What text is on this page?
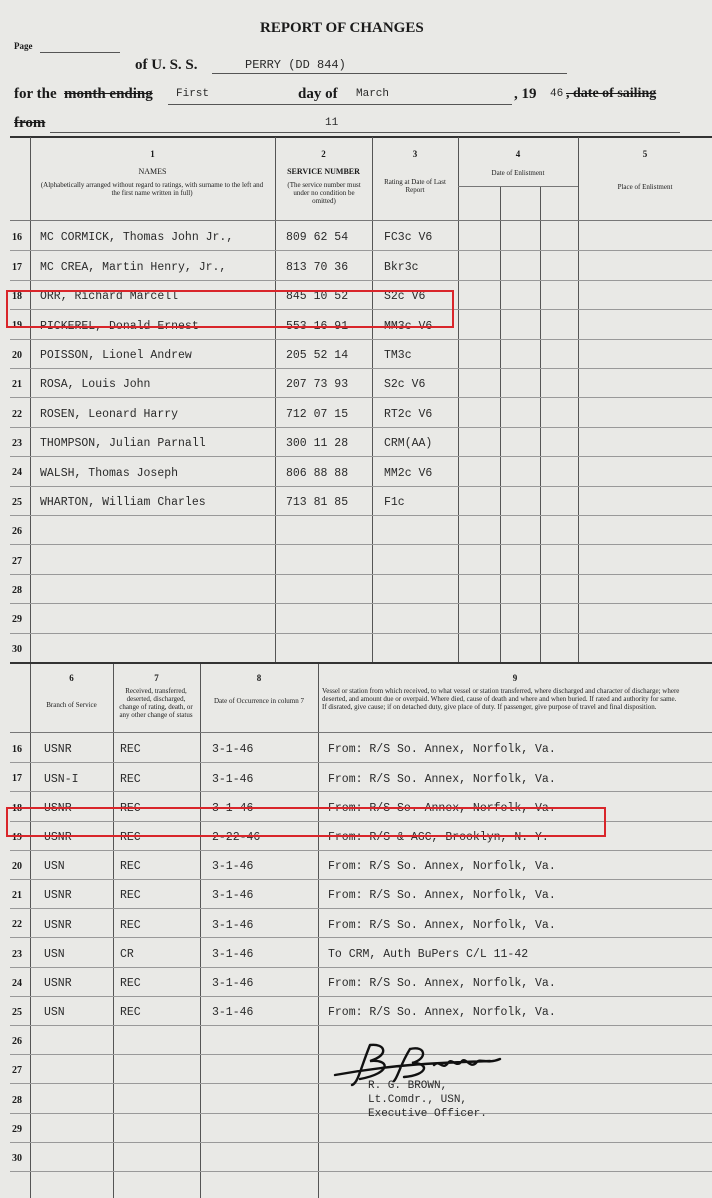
REPORT OF CHANGES
Page
of U. S. S.	PERRY (DD 844)
for the month ending First	day of March	, 19 46 , date of sailing
from	11
1	2	3	4	5
NAMES
(Alphabetically arranged without regard to ratings, with surname to the left and the first name written in full)
SERVICE NUMBER
(The service number must under no condition be omitted)
Rating at Date of Last Report
Date of Enlistment
Place of Enlistment
16	MC CORMICK, Thomas John Jr.,	809 62 54	FC3c V6
17	MC CREA, Martin Henry, Jr.,	813 70 36	Bkr3c
18	ORR, Richard Marcell	845 10 52	S2c V6
19	PICKEREL, Donald Ernest	553 16 91	MM3c V6
20	POISSON, Lionel Andrew	205 52 14	TM3c
21	ROSA, Louis John	207 73 93	S2c V6
22	ROSEN, Leonard Harry	712 07 15	RT2c V6
23	THOMPSON, Julian Parnall	300 11 28	CRM(AA)
24	WALSH, Thomas Joseph	806 88 88	MM2c V6
25	WHARTON, William Charles	713 81 85	F1c
26
27
28
29
30
6	7	8	9
Branch of Service
Received, transferred, deserted, discharged, change of rating, death, or any other change of status
Date of Occurrence in column 7
Vessel or station from which received, to what vessel or station transferred, where discharged and character of discharge; where deserted, and amount due or overpaid. Where died, cause of death and where and when buried. If rated and authority for same. If disrated, give cause; if on detached duty, give place of duty. If passenger, give purpose of travel and final disposition.
16	USNR	REC	3-1-46	From: R/S So. Annex, Norfolk, Va.
17	USN-I	REC	3-1-46	From: R/S So. Annex, Norfolk, Va.
18	USNR	REC	3-1-46	From: R/S So. Annex, Norfolk, Va.
19	USNR	REC	2-22-46	From: R/S & AGC, Brooklyn, N. Y.
20	USN	REC	3-1-46	From: R/S So. Annex, Norfolk, Va.
21	USNR	REC	3-1-46	From: R/S So. Annex, Norfolk, Va.
22	USNR	REC	3-1-46	From: R/S So. Annex, Norfolk, Va.
23	USN	CR	3-1-46	To CRM, Auth BuPers C/L 11-42
24	USNR	REC	3-1-46	From: R/S So. Annex, Norfolk, Va.
25	USN	REC	3-1-46	From: R/S So. Annex, Norfolk, Va.
26
27
28
29
30
R. G. BROWN,
Lt.Comdr., USN,
Executive Officer.
